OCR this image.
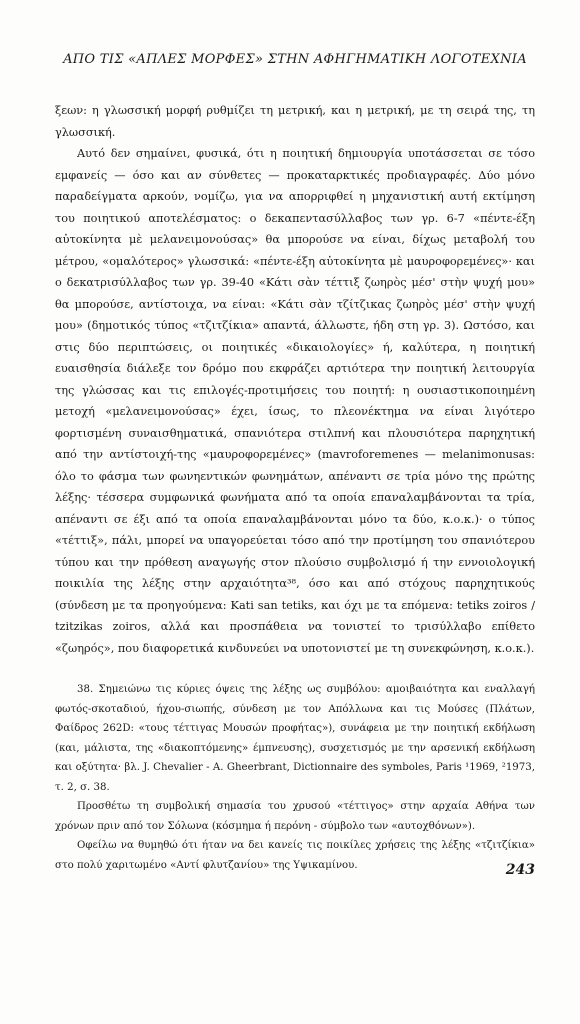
ΑΠΟ ΤΙΣ «ΑΠΛΕΣ ΜΟΡΦΕΣ» ΣΤΗΝ ΑΦΗΓΗΜΑΤΙΚΗ ΛΟΓΟΤΕΧΝΙΑ

ξεων: η γλωσσική μορφή ρυθμίζει τη μετρική, και η μετρική, με τη σειρά της, τη γλωσσική.

Αυτό δεν σημαίνει, φυσικά, ότι η ποιητική δημιουργία υποτάσσεται σε τόσο εμφανείς — όσο και αν σύνθετες — προκαταρκτικές προδιαγραφές. Δύο μόνο παραδείγματα αρκούν, νομίζω, για να απορριφθεί η μηχανιστική αυτή εκτίμηση του ποιητικού αποτελέσματος: ο δεκαπεντασύλλαβος των γρ. 6-7 «πέντε-έξη αὐτοκίνητα μὲ μελανειμονούσας» θα μπορούσε να είναι, δίχως μεταβολή του μέτρου, «ομαλότερος» γλωσσικά: «πέντε-έξη αὐτοκίνητα μὲ μαυροφορεμένες»· και ο δεκατρισύλλαβος των γρ. 39-40 «Κάτι σὰν τέττιξ ζωηρὸς μέσ' στὴν ψυχή μου» θα μπορούσε, αντίστοιχα, να είναι: «Κάτι σὰν τζίτζικας ζωηρὸς μέσ' στὴν ψυχή μου» (δημοτικός τύπος «τζιτζίκια» απαντά, άλλωστε, ήδη στη γρ. 3). Ωστόσο, και στις δύο περιπτώσεις, οι ποιητικές «δικαιολογίες» ή, καλύτερα, η ποιητική ευαισθησία διάλεξε τον δρόμο που εκφράζει αρτιότερα την ποιητική λειτουργία της γλώσσας και τις επιλογές-προτιμήσεις του ποιητή: η ουσιαστικοποιημένη μετοχή «μελανειμονούσας» έχει, ίσως, το πλεονέκτημα να είναι λιγότερο φορτισμένη συναισθηματικά, σπανιότερα στιλπνή και πλουσιότερα παρηχητική από την αντίστοιχή-της «μαυροφορεμένες» (mavroforemenes — melanimonusas: όλο το φάσμα των φωνηεντικών φωνημάτων, απέναντι σε τρία μόνο της πρώτης λέξης· τέσσερα συμφωνικά φωνήματα από τα οποία επαναλαμβάνονται τα τρία, απέναντι σε έξι από τα οποία επαναλαμβάνονται μόνο τα δύο, κ.ο.κ.)· ο τύπος «τέττιξ», πάλι, μπορεί να υπαγορεύεται τόσο από την προτίμηση του σπανιότερου τύπου και την πρόθεση αναγωγής στον πλούσιο συμβολισμό ή την εννοιολογική ποικιλία της λέξης στην αρχαιότητα³⁸, όσο και από στόχους παρηχητικούς (σύνδεση με τα προηγούμενα: Kati san tetiks, και όχι με τα επόμενα: tetiks zoiros / tzitzikas zoiros, αλλά και προσπάθεια να τονιστεί το τρισύλλαβο επίθετο «ζωηρός», που διαφορετικά κινδυνεύει να υποτονιστεί με τη συνεκφώνηση, κ.ο.κ.).

38. Σημειώνω τις κύριες όψεις της λέξης ως συμβόλου: αμοιβαιότητα και εναλλαγή φωτός-σκοταδιού, ήχου-σιωπής, σύνδεση με τον Απόλλωνα και τις Μούσες (Πλάτων, Φαίδρος 262D: «τους τέττιγας Μουσών προφήτας»), συνάφεια με την ποιητική εκδήλωση (και, μάλιστα, της «διακοπτόμενης» έμπνευσης), συσχετισμός με την αρσενική εκδήλωση και οξύτητα· βλ. J. Chevalier - A. Gheerbrant, Dictionnaire des symboles, Paris ¹1969, ²1973, τ. 2, σ. 38.

Προσθέτω τη συμβολική σημασία του χρυσού «τέττιγος» στην αρχαία Αθήνα των χρόνων πριν από τον Σόλωνα (κόσμημα ή περόνη - σύμβολο των «αυτοχθόνων»).

Οφείλω να θυμηθώ ότι ήταν να δει κανείς τις ποικίλες χρήσεις της λέξης «τζιτζίκια» στο πολύ χαριτωμένο «Αντί φλυτζανίου» της Υψικαμίνου.	243
